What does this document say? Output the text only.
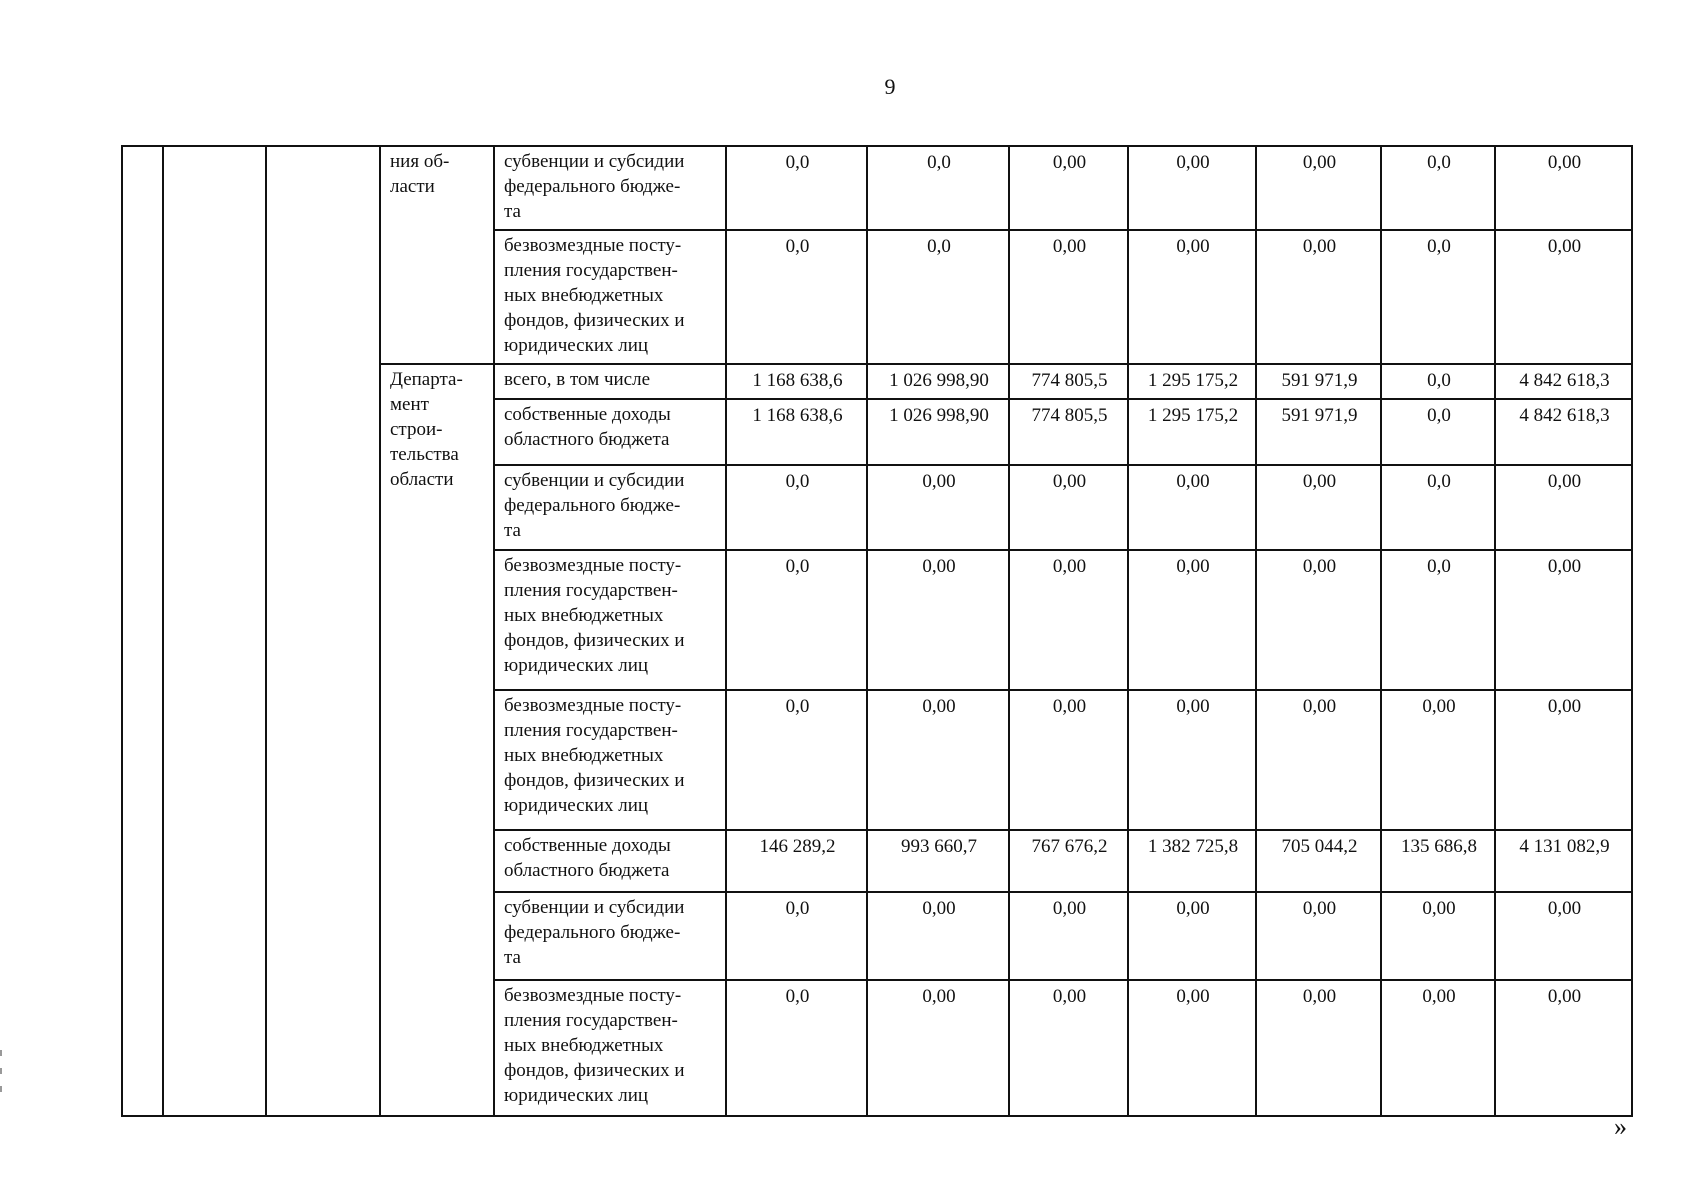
9
			ния об-
ласти	субвенции и субсидии федерального бюдже-
та	0,0	0,0	0,00	0,00	0,00	0,0	0,00
				безвозмездные посту-
пления государствен-
ных внебюджетных фондов, физических и юридических лиц	0,0	0,0	0,00	0,00	0,00	0,0	0,00
			Департа-
мент
строи-
тельства
области	всего, в том числе	1 168 638,6	1 026 998,90	774 805,5	1 295 175,2	591 971,9	0,0	4 842 618,3
				собственные доходы областного бюджета	1 168 638,6	1 026 998,90	774 805,5	1 295 175,2	591 971,9	0,0	4 842 618,3
				субвенции и субсидии федерального бюдже-
та	0,0	0,00	0,00	0,00	0,00	0,0	0,00
				безвозмездные посту-
пления государствен-
ных внебюджетных фондов, физических и юридических лиц	0,0	0,00	0,00	0,00	0,00	0,0	0,00
				безвозмездные посту-
пления государствен-
ных внебюджетных фондов, физических и юридических лиц	0,0	0,00	0,00	0,00	0,00	0,00	0,00
				собственные доходы областного бюджета	146 289,2	993 660,7	767 676,2	1 382 725,8	705 044,2	135 686,8	4 131 082,9
				субвенции и субсидии федерального бюдже-
та	0,0	0,00	0,00	0,00	0,00	0,00	0,00
				безвозмездные посту-
пления государствен-
ных внебюджетных фондов, физических и юридических лиц	0,0	0,00	0,00	0,00	0,00	0,00	0,00
»
